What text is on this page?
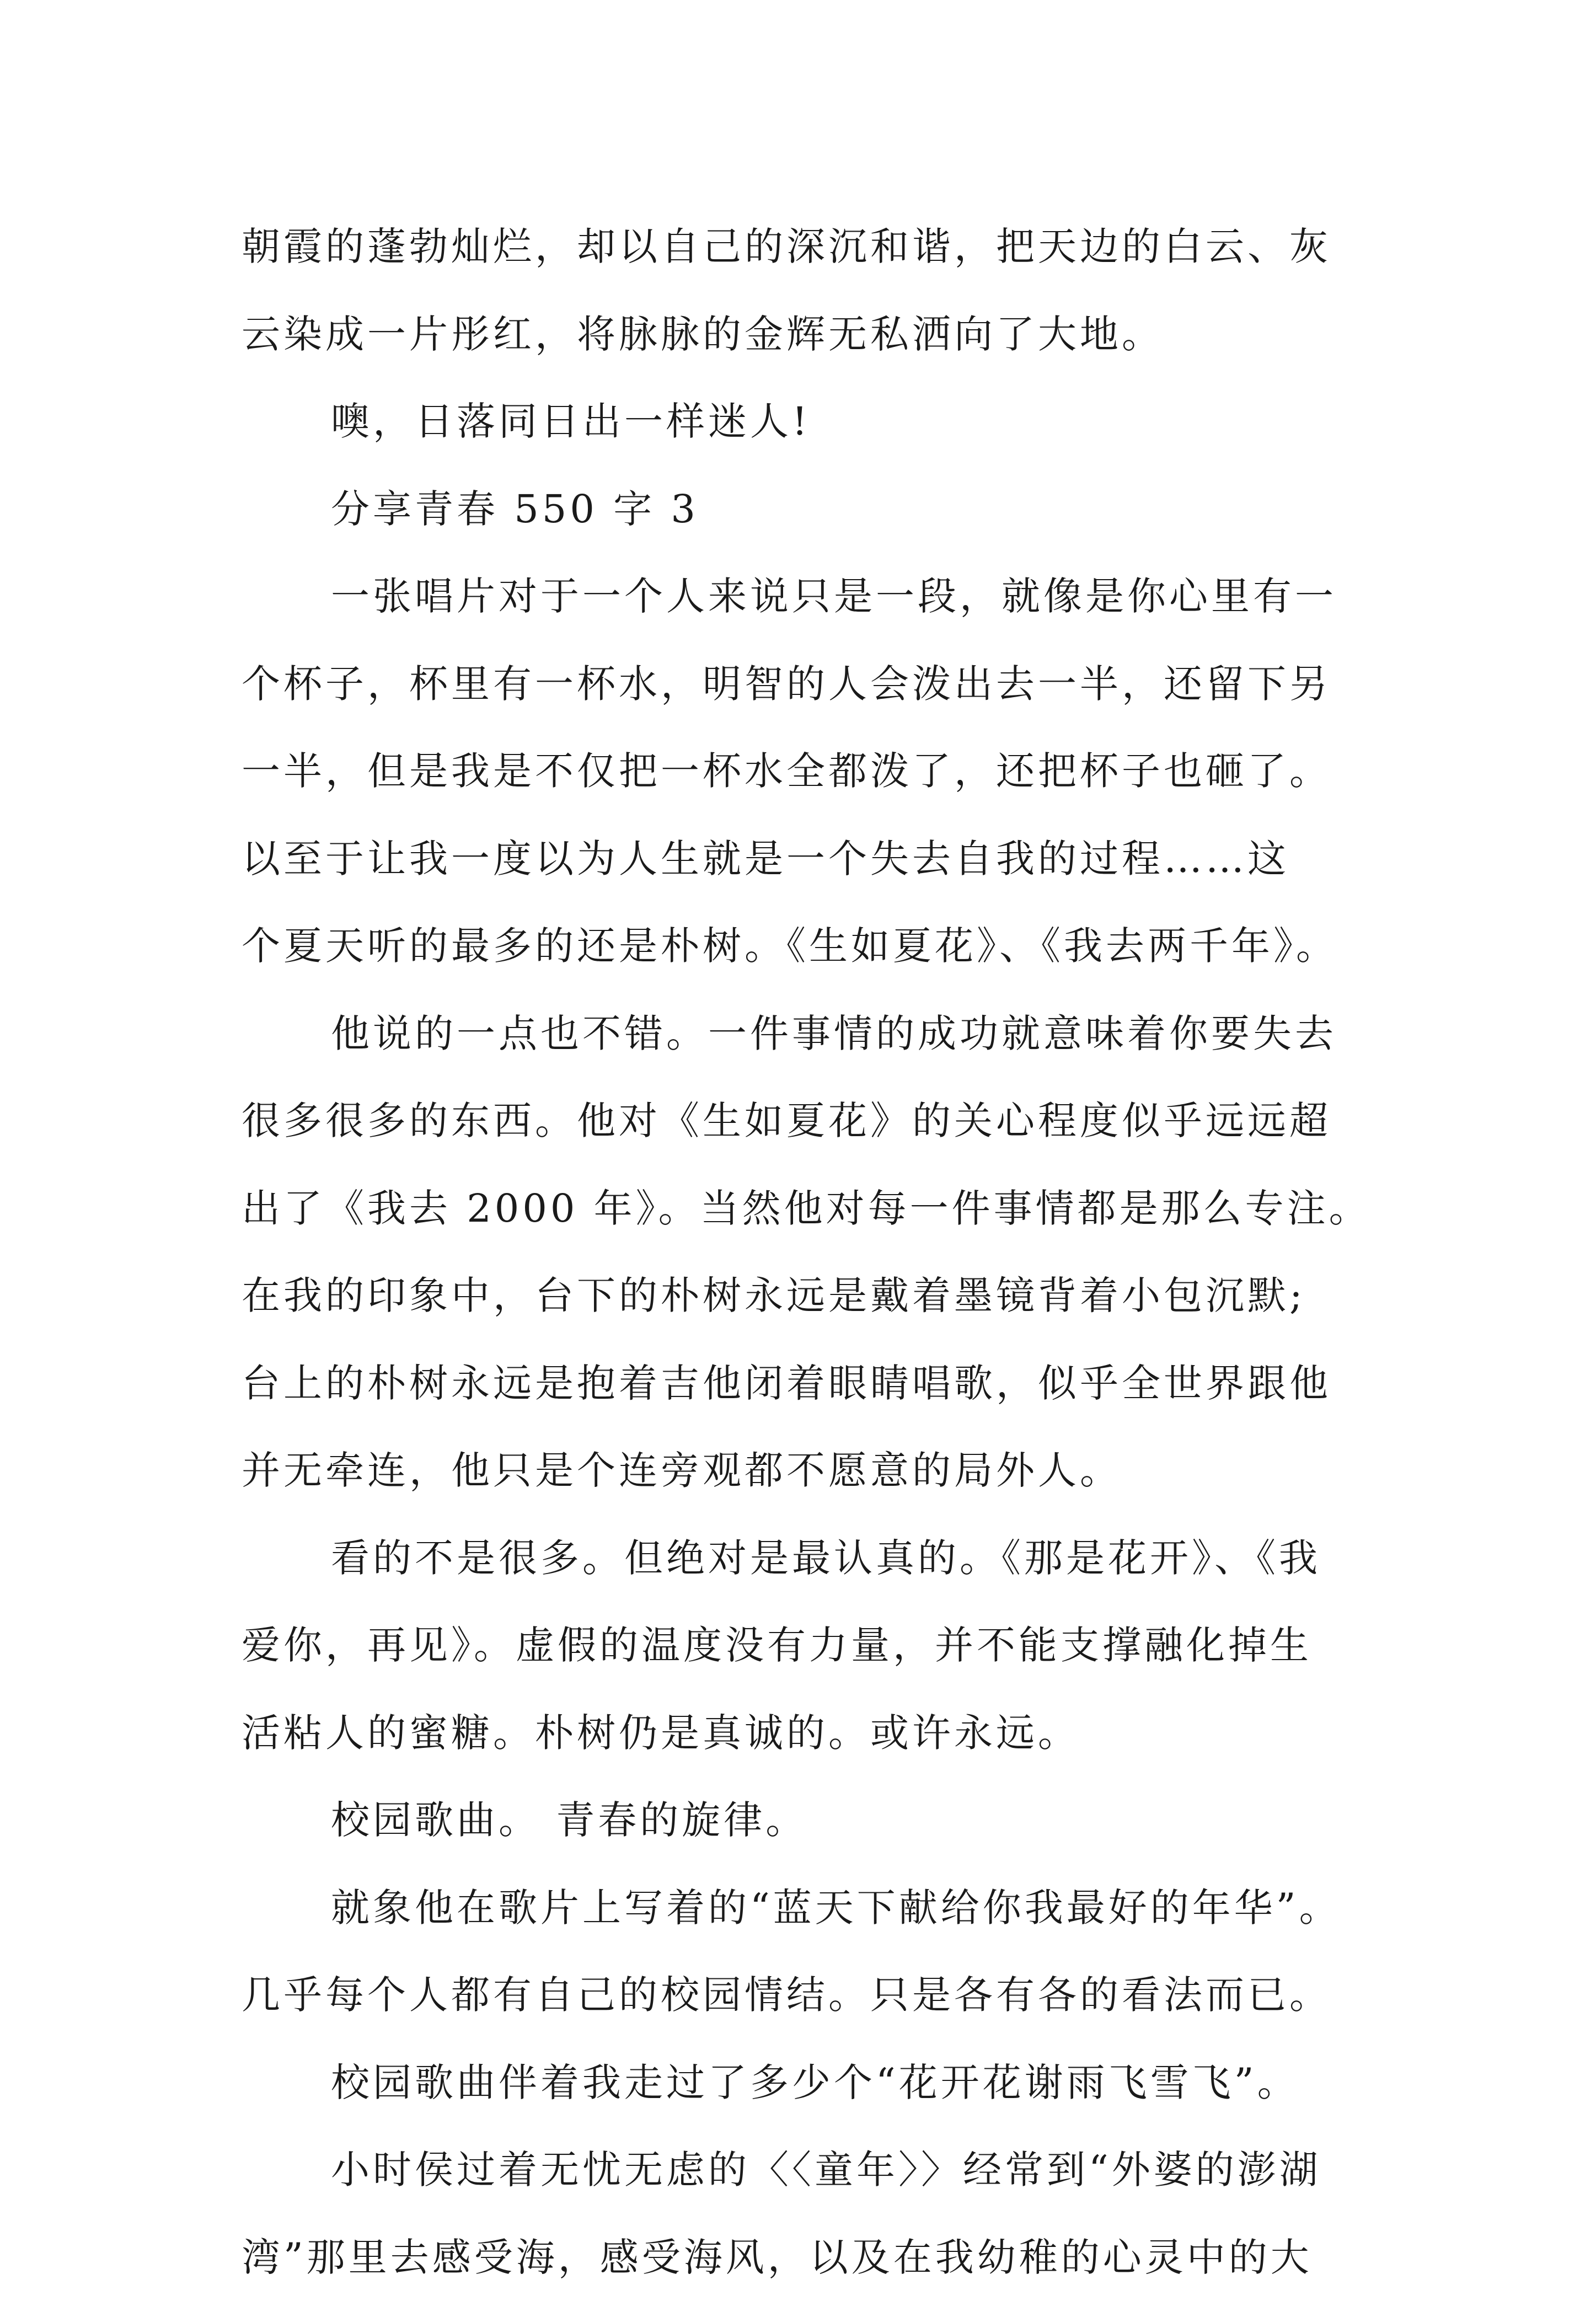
朝霞的蓬勃灿烂，却以自己的深沉和谐，把天边的白云、灰
云染成一片彤红，将脉脉的金辉无私洒向了大地。
噢，日落同日出一样迷人!
分享青春 550 字 3
一张唱片对于一个人来说只是一段，就像是你心里有一
个杯子，杯里有一杯水，明智的人会泼出去一半，还留下另
一半，但是我是不仅把一杯水全都泼了，还把杯子也砸了。
以至于让我一度以为人生就是一个失去自我的过程……这
个夏天听的最多的还是朴树。《生如夏花》、《我去两千年》。
他说的一点也不错。一件事情的成功就意味着你要失去
很多很多的东西。他对《生如夏花》的关心程度似乎远远超
出了《我去 2000 年》。当然他对每一件事情都是那么专注。
在我的印象中，台下的朴树永远是戴着墨镜背着小包沉默;
台上的朴树永远是抱着吉他闭着眼睛唱歌，似乎全世界跟他
并无牵连，他只是个连旁观都不愿意的局外人。
看的不是很多。但绝对是最认真的。《那是花开》、《我
爱你，再见》。虚假的温度没有力量，并不能支撑融化掉生
活粘人的蜜糖。朴树仍是真诚的。或许永远。
校园歌曲。 青春的旋律。
就象他在歌片上写着的“蓝天下献给你我最好的年华”。
几乎每个人都有自己的校园情结。只是各有各的看法而已。
校园歌曲伴着我走过了多少个“花开花谢雨飞雪飞”。
小时侯过着无忧无虑的〈〈童年〉〉经常到“外婆的澎湖
湾”那里去感受海，感受海风，以及在我幼稚的心灵中的大
